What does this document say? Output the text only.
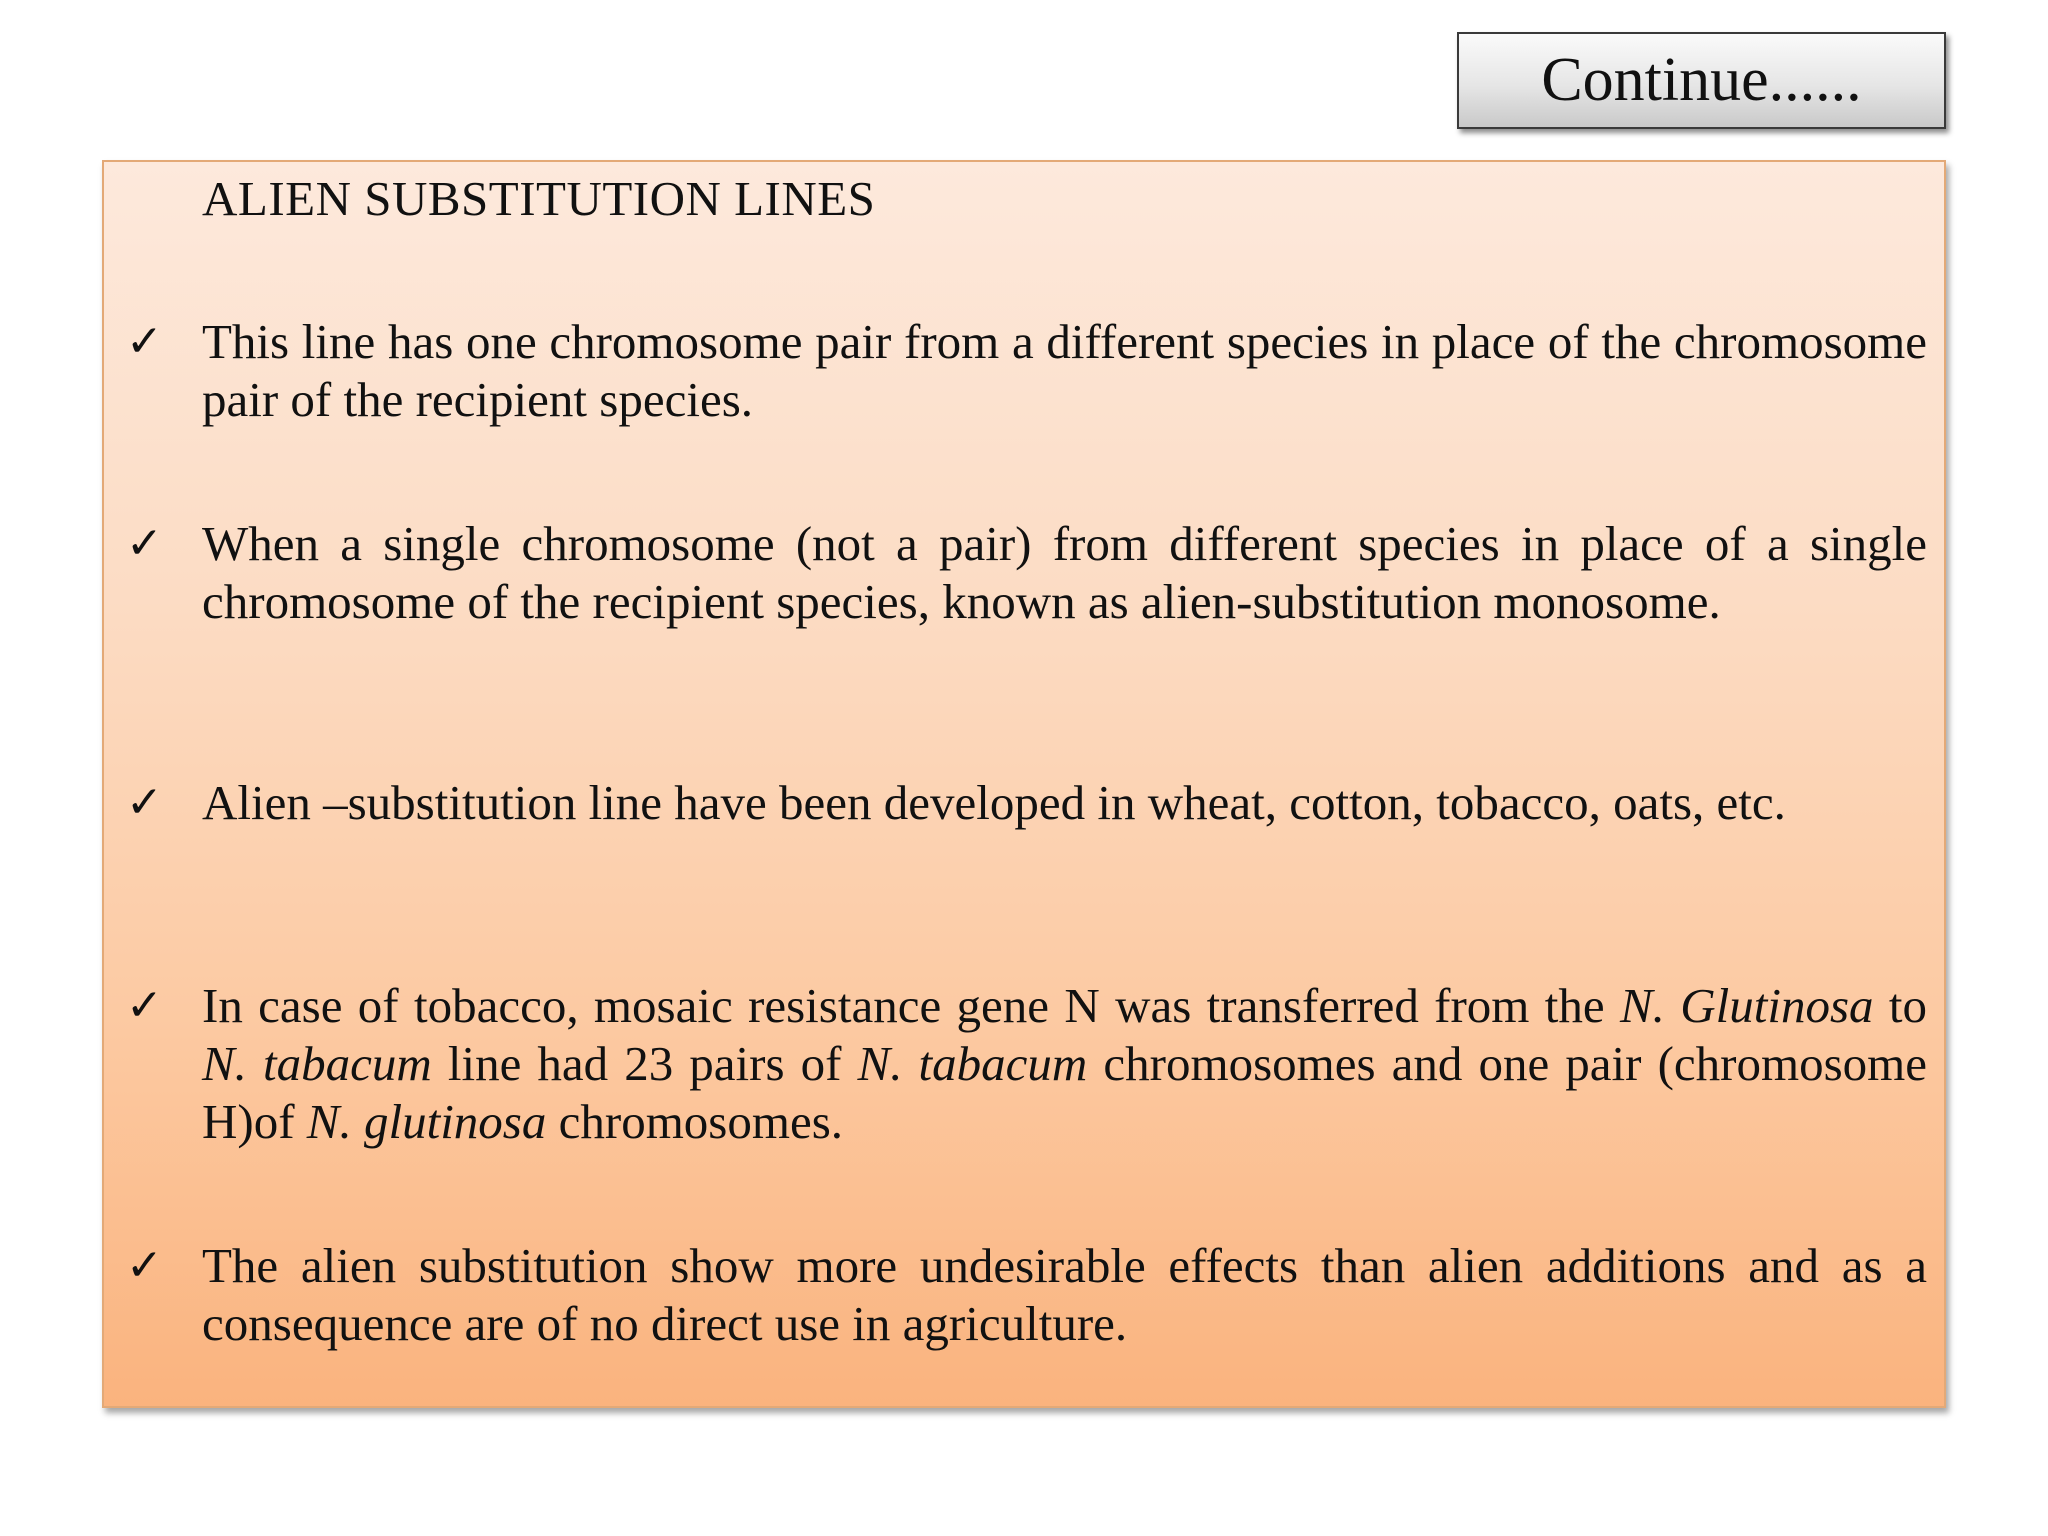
Continue......
ALIEN SUBSTITUTION LINES
✓ This line has one chromosome pair from a different species in place of the chromosome pair of the recipient species.
✓ When a single chromosome (not a pair) from different species in place of a single chromosome of the recipient species, known as alien-substitution monosome.
✓ Alien –substitution line have been developed in wheat, cotton, tobacco, oats, etc.
✓ In case of tobacco, mosaic resistance gene N was transferred from the N. Glutinosa to N. tabacum line had 23 pairs of N. tabacum chromosomes and one pair (chromosome H)of N. glutinosa chromosomes.
✓ The alien substitution show more undesirable effects than alien additions and as a consequence are of no direct use in agriculture.
